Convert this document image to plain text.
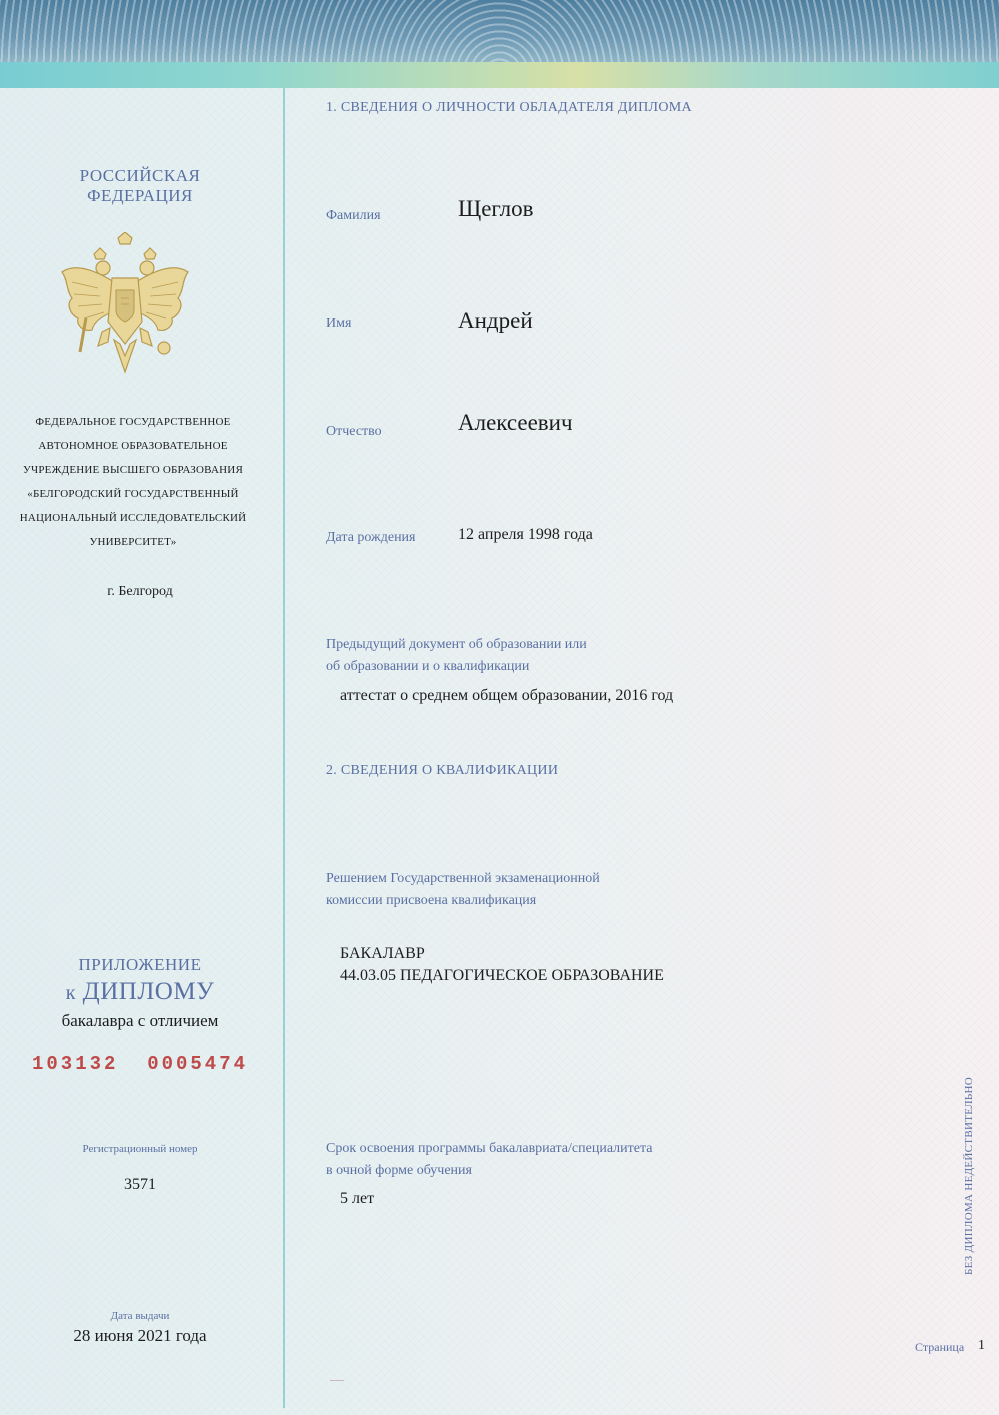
РОССИЙСКАЯ
ФЕДЕРАЦИЯ
ФЕДЕРАЛЬНОЕ ГОСУДАРСТВЕННОЕ
АВТОНОМНОЕ ОБРАЗОВАТЕЛЬНОЕ
УЧРЕЖДЕНИЕ ВЫСШЕГО ОБРАЗОВАНИЯ
«БЕЛГОРОДСКИЙ ГОСУДАРСТВЕННЫЙ
НАЦИОНАЛЬНЫЙ ИССЛЕДОВАТЕЛЬСКИЙ
УНИВЕРСИТЕТ»
г. Белгород
ПРИЛОЖЕНИЕ
к ДИПЛОМУ
бакалавра с отличием
103132  0005474
Регистрационный номер
3571
Дата выдачи
28 июня 2021 года
1. СВЕДЕНИЯ О ЛИЧНОСТИ ОБЛАДАТЕЛЯ ДИПЛОМА
Фамилия	Щеглов
Имя	Андрей
Отчество	Алексеевич
Дата рождения	12 апреля 1998 года
Предыдущий документ об образовании или
об образовании и о квалификации
аттестат о среднем общем образовании, 2016 год
2. СВЕДЕНИЯ О КВАЛИФИКАЦИИ
Решением Государственной экзаменационной
комиссии присвоена квалификация
БАКАЛАВР
44.03.05 ПЕДАГОГИЧЕСКОЕ ОБРАЗОВАНИЕ
Срок освоения программы бакалавриата/специалитета
в очной форме обучения
5 лет	БЕЗ ДИПЛОМА НЕДЕЙСТВИТЕЛЬНО
Страница 1
